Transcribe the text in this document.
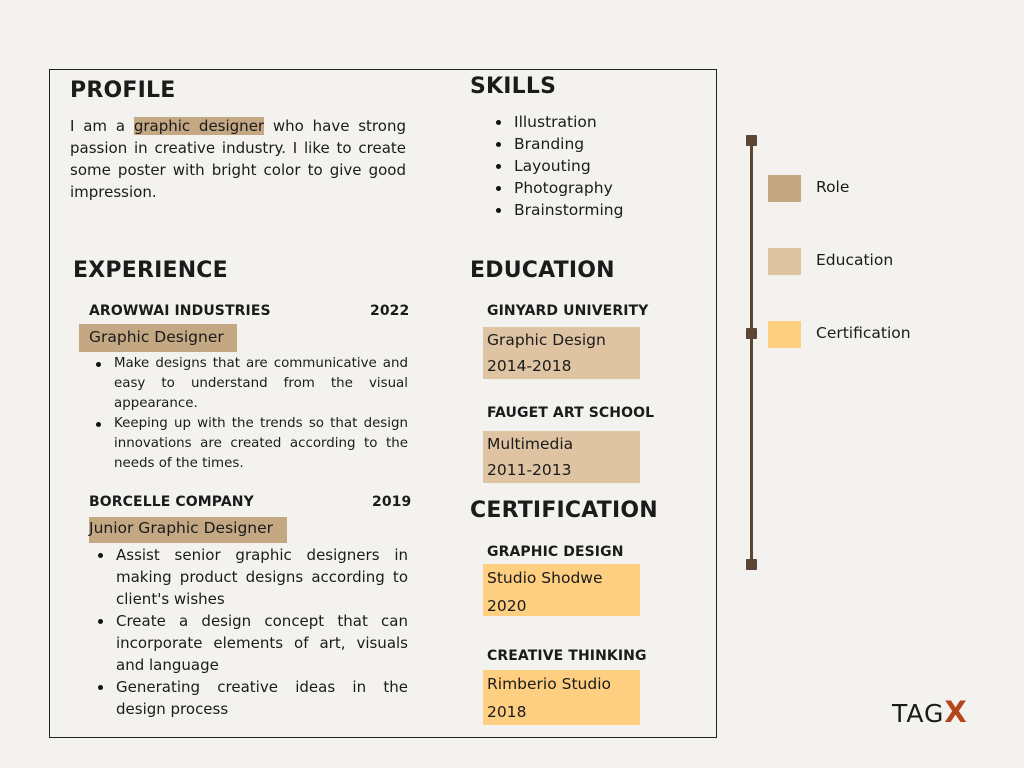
PROFILE
I am a graphic designer who have strong passion in creative industry. I like to create some poster with bright color to give good impression.
SKILLS
Illustration
Branding
Layouting
Photography
Brainstorming
EXPERIENCE
AROWWAI INDUSTRIES	2022
Graphic Designer
Make designs that are communicative and easy to understand from the visual appearance.
Keeping up with the trends so that design innovations are created according to the needs of the times.
BORCELLE COMPANY	2019
Junior Graphic Designer
Assist senior graphic designers in making product designs according to client's wishes
Create a design concept that can incorporate elements of art, visuals and language
Generating creative ideas in the design process
EDUCATION
GINYARD UNIVERITY
Graphic Design
2014-2018
FAUGET ART SCHOOL
Multimedia
2011-2013
CERTIFICATION
GRAPHIC DESIGN
Studio Shodwe
2020
CREATIVE THINKING
Rimberio Studio
2018
Role
Education
Certification
TAGX
